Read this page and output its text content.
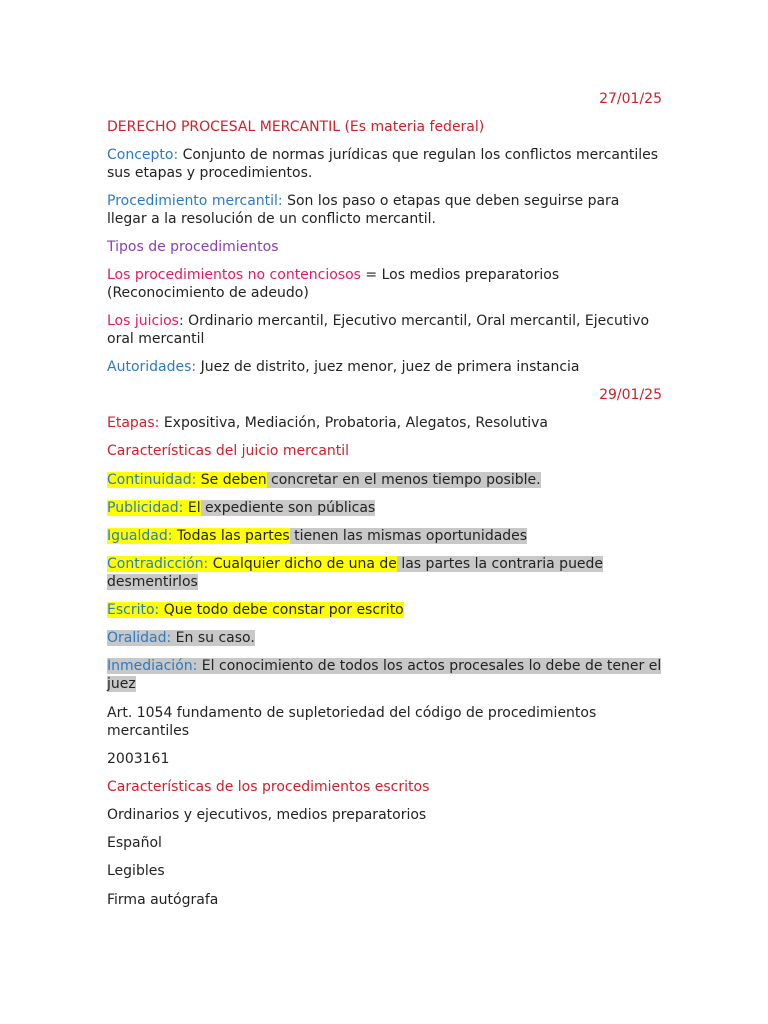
27/01/25

DERECHO PROCESAL MERCANTIL (Es materia federal)

Concepto: Conjunto de normas jurídicas que regulan los conflictos mercantiles sus etapas y procedimientos.

Procedimiento mercantil: Son los paso o etapas que deben seguirse para llegar a la resolución de un conflicto mercantil.

Tipos de procedimientos

Los procedimientos no contenciosos = Los medios preparatorios (Reconocimiento de adeudo)

Los juicios: Ordinario mercantil, Ejecutivo mercantil, Oral mercantil, Ejecutivo oral mercantil

Autoridades: Juez de distrito, juez menor, juez de primera instancia

29/01/25

Etapas: Expositiva, Mediación, Probatoria, Alegatos, Resolutiva

Características del juicio mercantil

Continuidad: Se deben concretar en el menos tiempo posible.

Publicidad: El expediente son públicas

Igualdad: Todas las partes tienen las mismas oportunidades

Contradicción: Cualquier dicho de una de las partes la contraria puede desmentirlos

Escrito: Que todo debe constar por escrito

Oralidad: En su caso.

Inmediación: El conocimiento de todos los actos procesales lo debe de tener el juez

Art. 1054 fundamento de supletoriedad del código de procedimientos mercantiles

2003161

Características de los procedimientos escritos

Ordinarios y ejecutivos, medios preparatorios

Español

Legibles

Firma autógrafa
